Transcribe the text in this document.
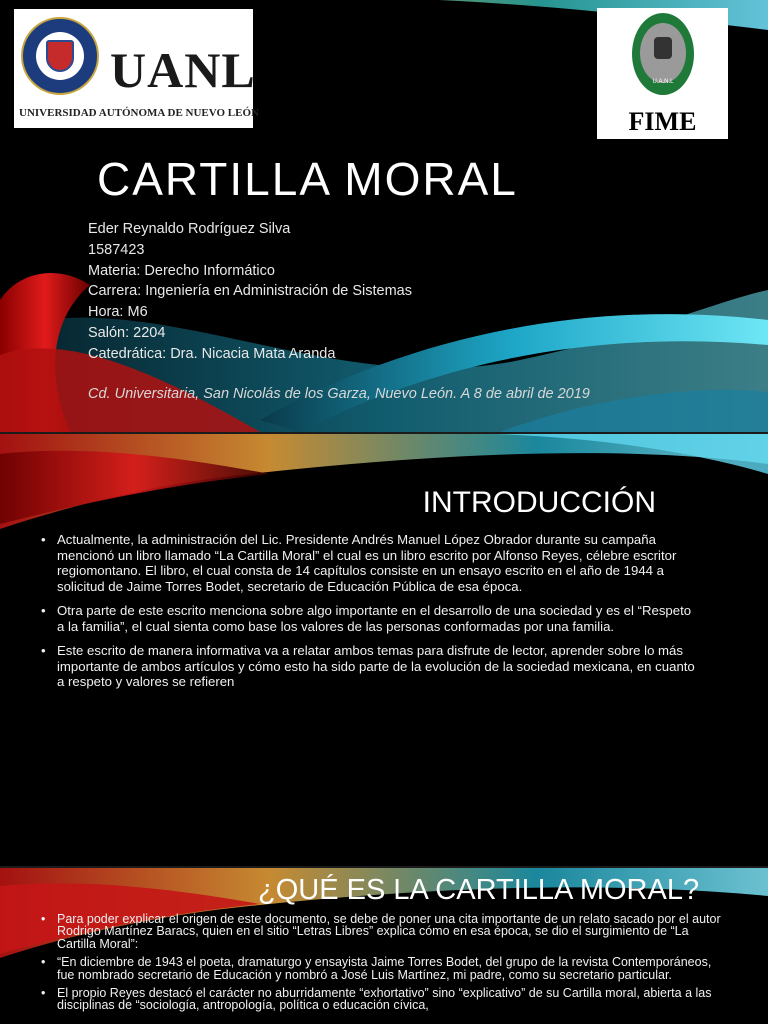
UANL
UNIVERSIDAD AUTÓNOMA DE NUEVO LEÓN
U.A.N.L
FIME
CARTILLA MORAL
Eder Reynaldo Rodríguez Silva
1587423
Materia: Derecho Informático
Carrera: Ingeniería en Administración de Sistemas
Hora: M6
Salón: 2204
Catedrática: Dra. Nicacia Mata Aranda
Cd. Universitaria, San Nicolás de los Garza, Nuevo León. A 8 de abril de 2019
INTRODUCCIÓN
• Actualmente, la administración del Lic. Presidente Andrés Manuel López Obrador durante su campaña mencionó un libro llamado “La Cartilla Moral” el cual es un libro escrito por Alfonso Reyes, célebre escritor regiomontano. El libro, el cual consta de 14 capítulos consiste en un ensayo escrito en el año de 1944 a solicitud de Jaime Torres Bodet, secretario de Educación Pública de esa época.
• Otra parte de este escrito menciona sobre algo importante en el desarrollo de una sociedad y es el “Respeto a la familia”, el cual sienta como base los valores de las personas conformadas por una familia.
• Este escrito de manera informativa va a relatar ambos temas para disfrute de lector, aprender sobre lo más importante de ambos artículos y cómo esto ha sido parte de la evolución de la sociedad mexicana, en cuanto a respeto y valores se refieren
¿QUÉ ES LA CARTILLA MORAL?
• Para poder explicar el origen de este documento, se debe de poner una cita importante de un relato sacado por el autor Rodrigo Martínez Baracs, quien en el sitio “Letras Libres” explica cómo en esa época, se dio el surgimiento de “La Cartilla Moral”:
• “En diciembre de 1943 el poeta, dramaturgo y ensayista Jaime Torres Bodet, del grupo de la revista Contemporáneos, fue nombrado secretario de Educación y nombró a José Luis Martínez, mi padre, como su secretario particular.
• El propio Reyes destacó el carácter no aburridamente “exhortativo” sino “explicativo” de su Cartilla moral, abierta a las disciplinas de “sociología, antropología, política o educación cívica,
